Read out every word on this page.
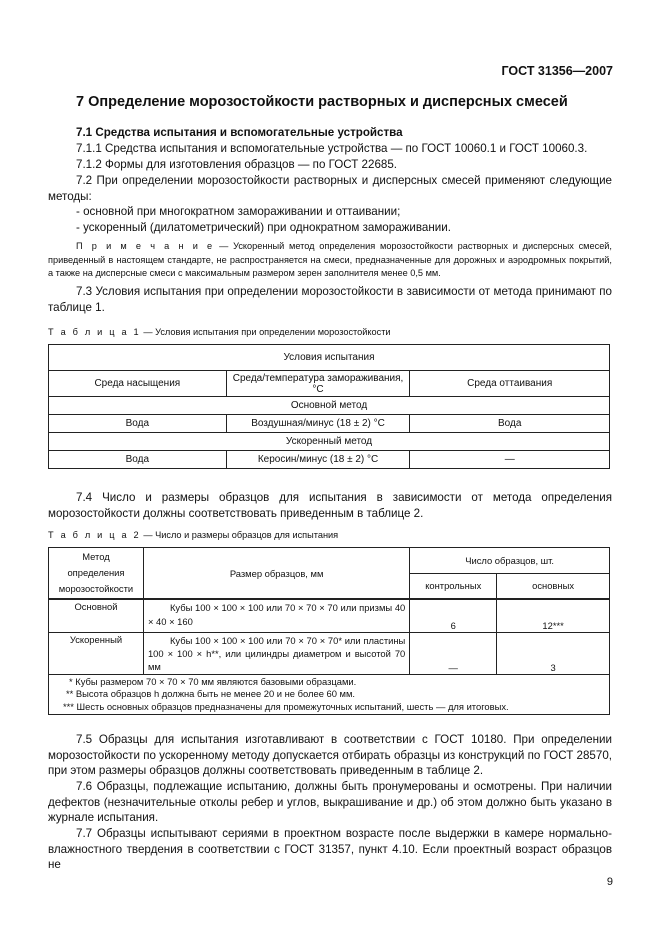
ГОСТ 31356—2007
7 Определение морозостойкости растворных и дисперсных смесей
7.1 Средства испытания и вспомогательные устройства
7.1.1 Средства испытания и вспомогательные устройства — по ГОСТ 10060.1 и ГОСТ 10060.3.
7.1.2 Формы для изготовления образцов — по ГОСТ 22685.
7.2 При определении морозостойкости растворных и дисперсных смесей применяют следующие методы:
- основной при многократном замораживании и оттаивании;
- ускоренный (дилатометрический) при однократном замораживании.
П р и м е ч а н и е — Ускоренный метод определения морозостойкости растворных и дисперсных смесей, приведенный в настоящем стандарте, не распространяется на смеси, предназначенные для дорожных и аэродромных покрытий, а также на дисперсные смеси с максимальным размером зерен заполнителя менее 0,5 мм.
7.3 Условия испытания при определении морозостойкости в зависимости от метода принимают по таблице 1.
Т а б л и ц а 1 — Условия испытания при определении морозостойкости
Условия испытания		
Среда насыщения	Среда/температура замораживания, °С	Среда оттаивания
Основной метод		
Вода	Воздушная/минус (18 ± 2) °С	Вода
Ускоренный метод		
Вода	Керосин/минус (18 ± 2) °С	—
7.4 Число и размеры образцов для испытания в зависимости от метода определения морозостойкости должны соответствовать приведенным в таблице 2.
Т а б л и ц а 2 — Число и размеры образцов для испытания
Метод определения морозостойкости	Размер образцов, мм	Число образцов, шт.	
		контрольных	основных
Основной	Кубы 100 × 100 × 100 или 70 × 70 × 70 или призмы 40 × 40 × 160	6	12***
Ускоренный	Кубы 100 × 100 × 100 или 70 × 70 × 70* или пластины 100 × 100 × h**, или цилиндры диаметром и высотой 70 мм	—	3

* Кубы размером 70 × 70 × 70 мм являются базовыми образцами.
** Высота образцов h должна быть не менее 20 и не более 60 мм.
*** Шесть основных образцов предназначены для промежуточных испытаний, шесть — для итоговых.			
7.5 Образцы для испытания изготавливают в соответствии с ГОСТ 10180. При определении морозостойкости по ускоренному методу допускается отбирать образцы из конструкций по ГОСТ 28570, при этом размеры образцов должны соответствовать приведенным в таблице 2.
7.6 Образцы, подлежащие испытанию, должны быть пронумерованы и осмотрены. При наличии дефектов (незначительные отколы ребер и углов, выкрашивание и др.) об этом должно быть указано в журнале испытания.
7.7 Образцы испытывают сериями в проектном возрасте после выдержки в камере нормально-влажностного твердения в соответствии с ГОСТ 31357, пункт 4.10. Если проектный возраст образцов не
9
